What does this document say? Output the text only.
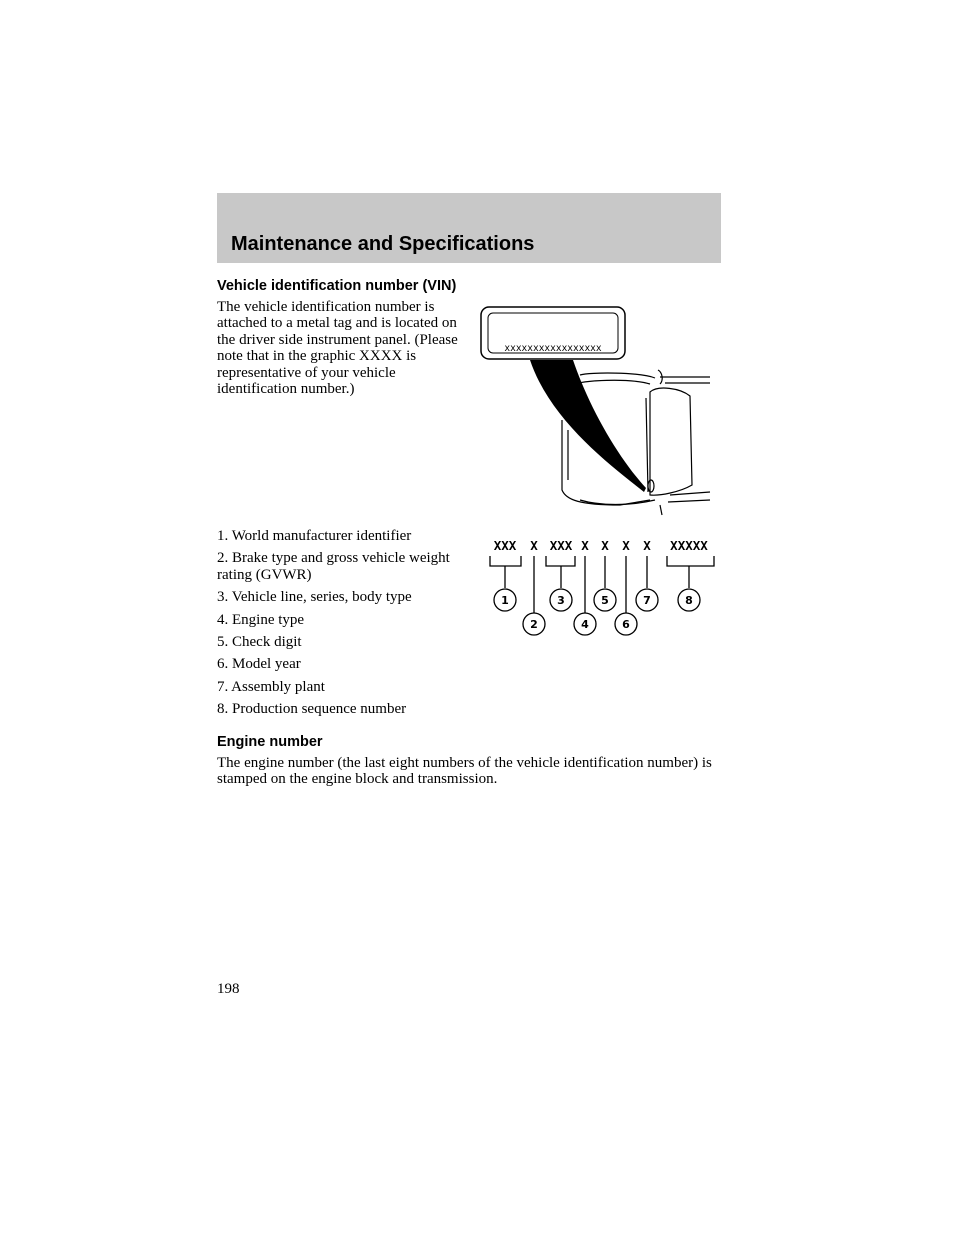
Maintenance and Specifications
Vehicle identification number (VIN)

The vehicle identification number is attached to a metal tag and is located on the driver side instrument panel. (Please note that in the graphic XXXX is representative of your vehicle identification number.)

xxxxxxxxxxxxxxxxx
1. World manufacturer identifier
2. Brake type and gross vehicle weight rating (GVWR)
3. Vehicle line, series, body type
4. Engine type
5. Check digit
6. Model year
7. Assembly plant
8. Production sequence number
XXX X XXX X X X X XXXXX
1
2
3
4
5
6
7	8
Engine number

The engine number (the last eight numbers of the vehicle identification number) is stamped on the engine block and transmission.

198
